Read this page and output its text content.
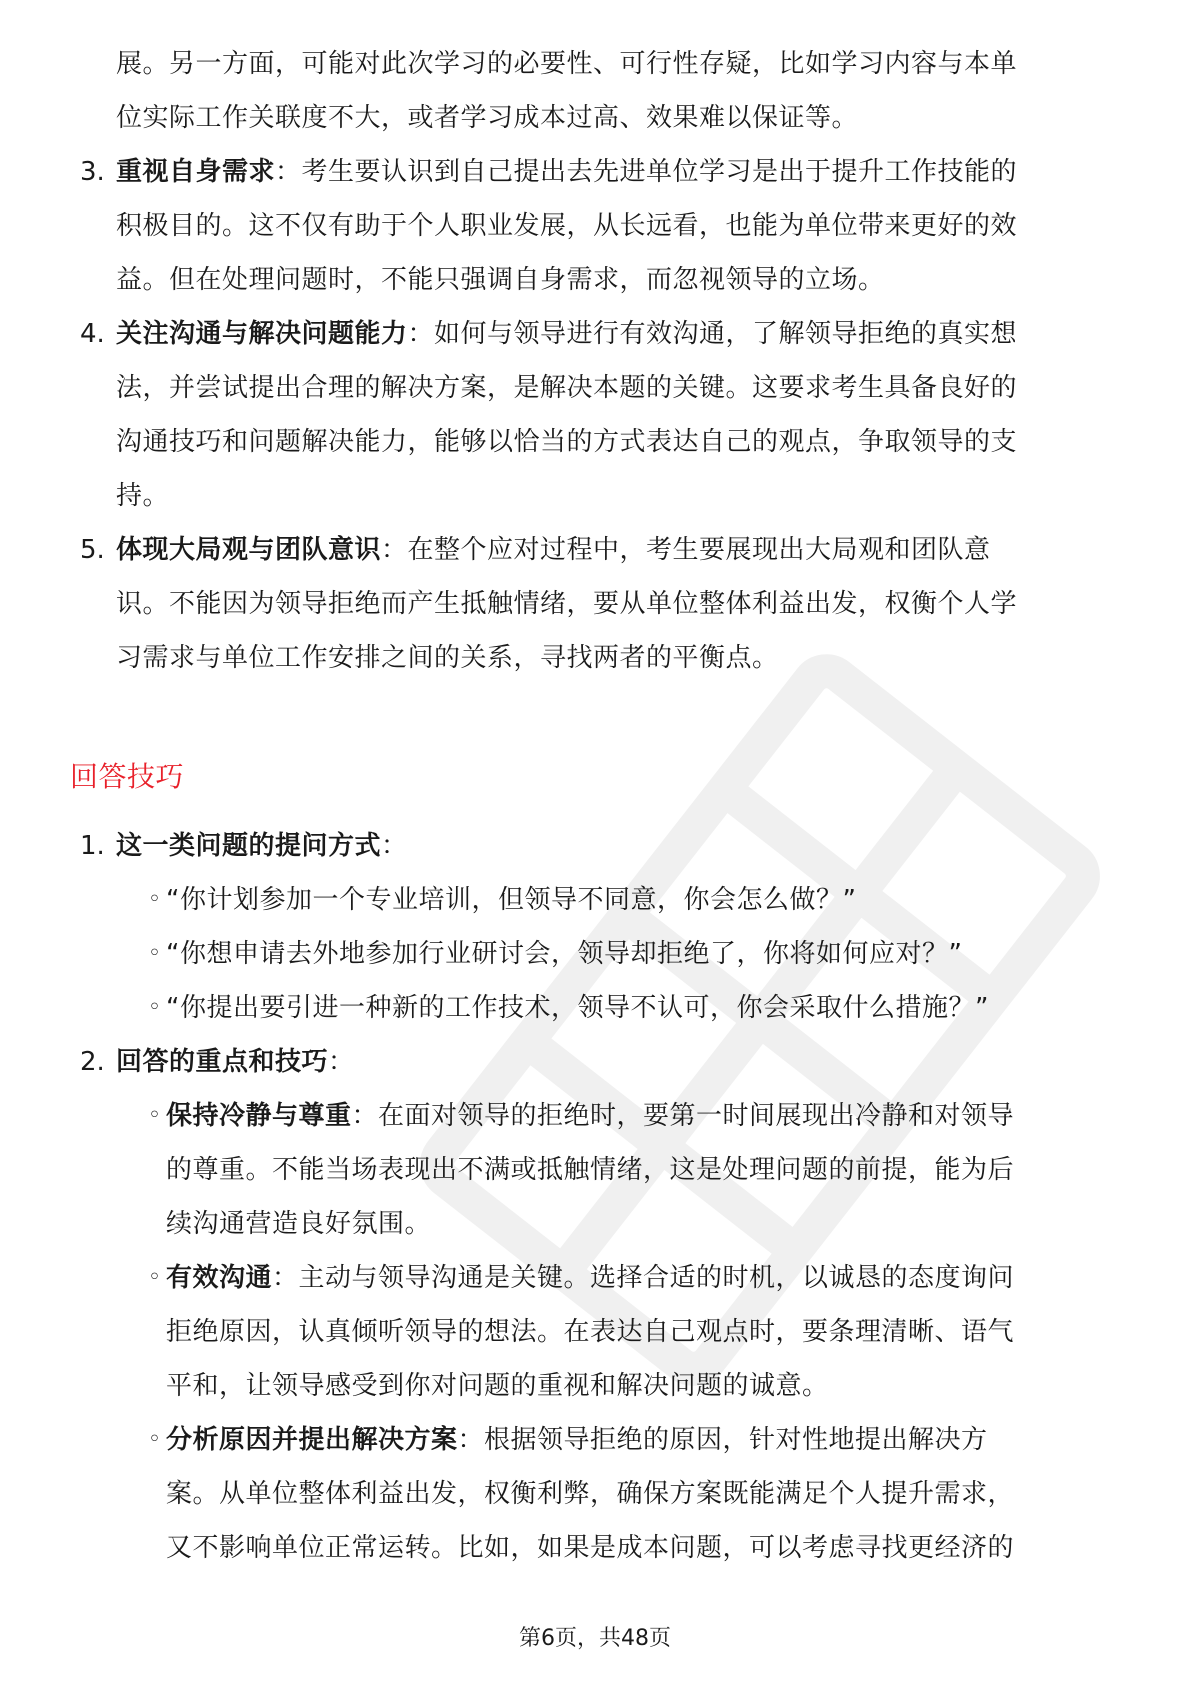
展。另一方面，可能对此次学习的必要性、可行性存疑，比如学习内容与本单
位实际工作关联度不大，或者学习成本过高、效果难以保证等。
3. 重视自身需求：考生要认识到自己提出去先进单位学习是出于提升工作技能的
积极目的。这不仅有助于个人职业发展，从长远看，也能为单位带来更好的效
益。但在处理问题时，不能只强调自身需求，而忽视领导的立场。
4. 关注沟通与解决问题能力：如何与领导进行有效沟通，了解领导拒绝的真实想
法，并尝试提出合理的解决方案，是解决本题的关键。这要求考生具备良好的
沟通技巧和问题解决能力，能够以恰当的方式表达自己的观点，争取领导的支
持。
5. 体现大局观与团队意识：在整个应对过程中，考生要展现出大局观和团队意
识。不能因为领导拒绝而产生抵触情绪，要从单位整体利益出发，权衡个人学
习需求与单位工作安排之间的关系，寻找两者的平衡点。
回答技巧
1. 这一类问题的提问方式：
◦ “你计划参加一个专业培训，但领导不同意，你会怎么做？”
◦ “你想申请去外地参加行业研讨会，领导却拒绝了，你将如何应对？”
◦ “你提出要引进一种新的工作技术，领导不认可，你会采取什么措施？”
2. 回答的重点和技巧：
◦ 保持冷静与尊重：在面对领导的拒绝时，要第一时间展现出冷静和对领导
的尊重。不能当场表现出不满或抵触情绪，这是处理问题的前提，能为后
续沟通营造良好氛围。
◦ 有效沟通：主动与领导沟通是关键。选择合适的时机，以诚恳的态度询问
拒绝原因，认真倾听领导的想法。在表达自己观点时，要条理清晰、语气
平和，让领导感受到你对问题的重视和解决问题的诚意。
◦ 分析原因并提出解决方案：根据领导拒绝的原因，针对性地提出解决方
案。从单位整体利益出发，权衡利弊，确保方案既能满足个人提升需求，
又不影响单位正常运转。比如，如果是成本问题，可以考虑寻找更经济的
第6页，共48页
